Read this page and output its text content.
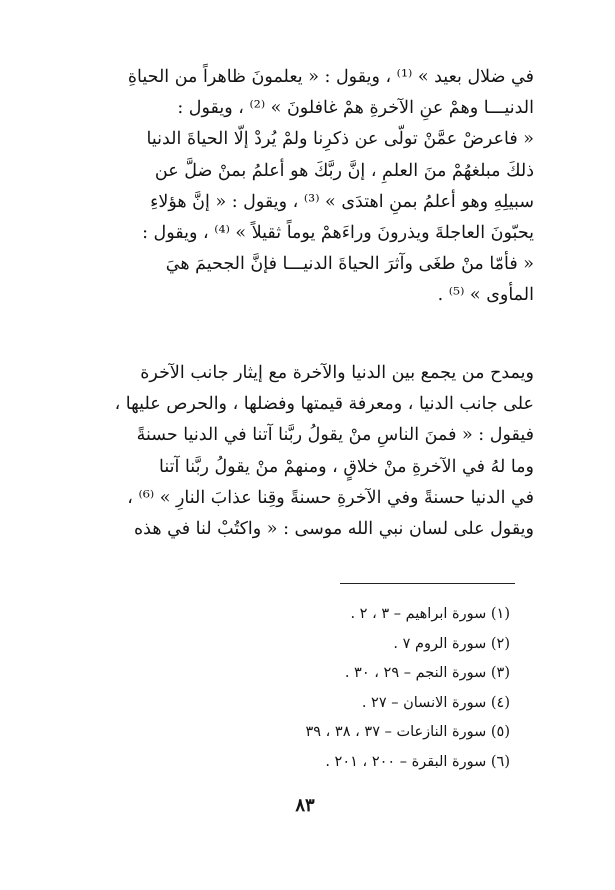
في ضلال بعيد » ⁽¹⁾ ، ويقول : « يعلمونَ ظاهراً من الحياةِ
الدنيـــا وهمْ عنِ الآخرةِ همْ غافلونَ » ⁽²⁾ ، ويقول :
« فاعرضْ عمَّنْ تولّى عن ذكرِنا ولمْ يُردْ إلّا الحياةَ الدنيا
ذلكَ مبلغهُمْ منَ العلمِ ، إنَّ ربَّكَ هو أعلمُ بمنْ ضلَّ عن
سبيلِهِ وهو أعلمُ بمنِ اهتدَى » ⁽³⁾ ، ويقول : « إنَّ هؤلاءِ
يحبّونَ العاجلةَ ويذرونَ وراءَهمْ يوماً ثقيلاً » ⁽⁴⁾ ، ويقول :
« فأمّا منْ طغَى وآثرَ الحياةَ الدنيـــا فإنَّ الجحيمَ هيَ
المأوى » ⁽⁵⁾ .
ويمدح من يجمع بين الدنيا والآخرة مع إيثار جانب الآخرة
على جانب الدنيا ، ومعرفة قيمتها وفضلها ، والحرص عليها ،
فيقول : « فمنَ الناسِ منْ يقولُ ربَّنا آتنا في الدنيا حسنةً
وما لهُ في الآخرةِ منْ خلاقٍ ، ومنهمْ منْ يقولُ ربَّنا آتنا
في الدنيا حسنةً وفي الآخرةِ حسنةً وقِنا عذابَ النارِ » ⁽⁶⁾ ،
ويقول على لسان نبي الله موسى : « واكتُبْ لنا في هذه
(١) سورة ابراهيم – ٣ ، ٢ .
(٢) سورة الروم ٧ .
(٣) سورة النجم – ٢٩ ، ٣٠ .
(٤) سورة الانسان – ٢٧ .
(٥) سورة النازعات – ٣٧ ، ٣٨ ، ٣٩
(٦) سورة البقرة – ٢٠٠ ، ٢٠١ .
٨٣
